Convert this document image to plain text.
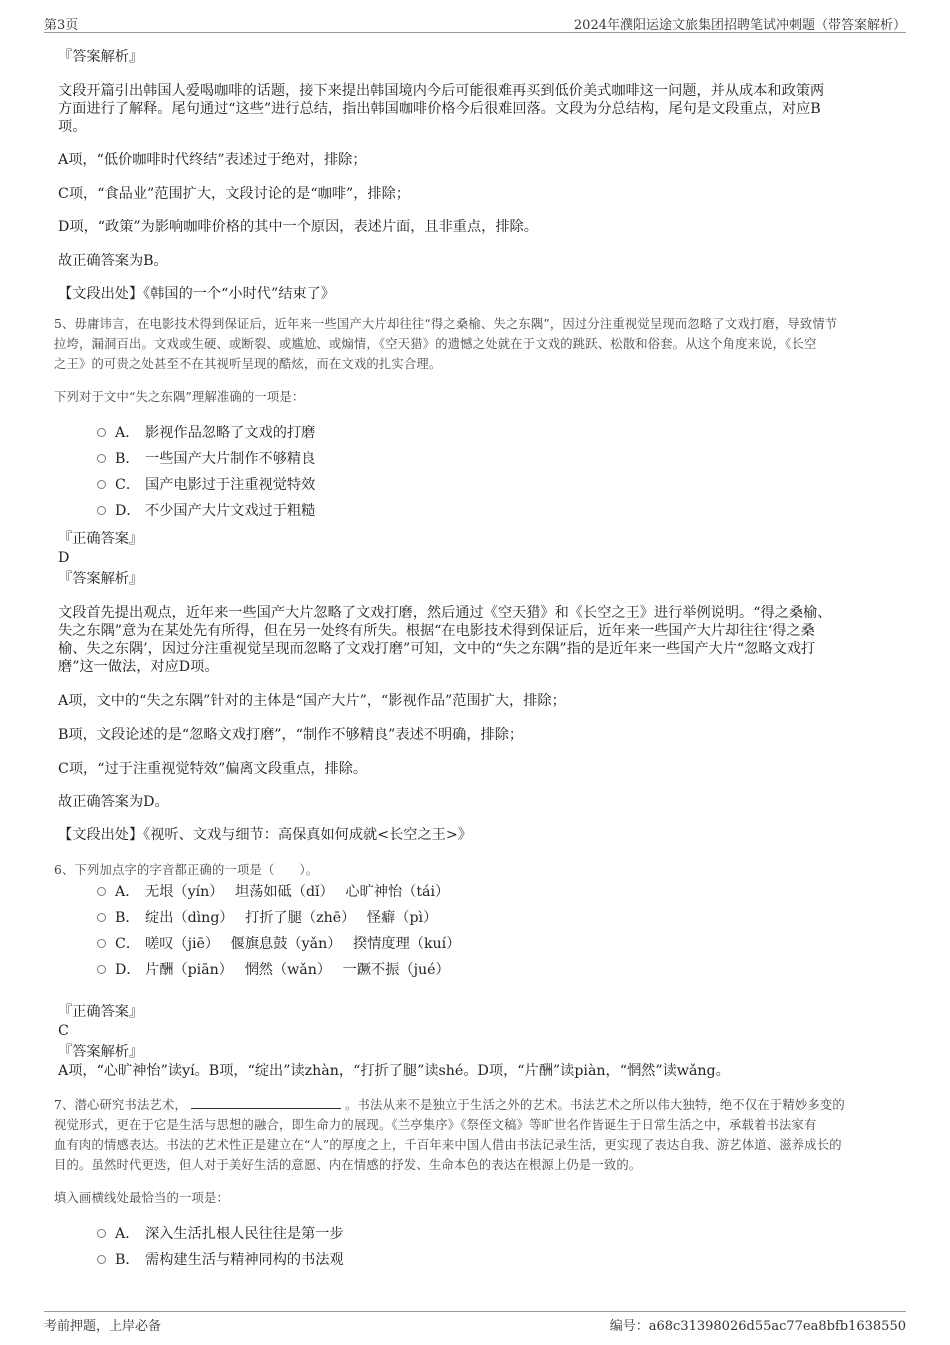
第3页	2024年濮阳运途文旅集团招聘笔试冲刺题（带答案解析）
『答案解析』
文段开篇引出韩国人爱喝咖啡的话题，接下来提出韩国境内今后可能很难再买到低价美式咖啡这一问题，并从成本和政策两
方面进行了解释。尾句通过“这些”进行总结，指出韩国咖啡价格今后很难回落。文段为分总结构，尾句是文段重点，对应B
项。
A项，“低价咖啡时代终结”表述过于绝对，排除；
C项，“食品业”范围扩大，文段讨论的是“咖啡”，排除；
D项，“政策”为影响咖啡价格的其中一个原因，表述片面，且非重点，排除。
故正确答案为B。
【文段出处】《韩国的一个“小时代”结束了》
5、毋庸讳言，在电影技术得到保证后，近年来一些国产大片却往往“得之桑榆、失之东隅”，因过分注重视觉呈现而忽略了文戏打磨，导致情节
拉垮，漏洞百出。文戏或生硬、或断裂、或尴尬、或煽情，《空天猎》的遗憾之处就在于文戏的跳跃、松散和俗套。从这个角度来说，《长空
之王》的可贵之处甚至不在其视听呈现的酷炫，而在文戏的扎实合理。
下列对于文中“失之东隅”理解准确的一项是：
A． 影视作品忽略了文戏的打磨
B． 一些国产大片制作不够精良
C． 国产电影过于注重视觉特效
D． 不少国产大片文戏过于粗糙
『正确答案』
D
『答案解析』
文段首先提出观点，近年来一些国产大片忽略了文戏打磨，然后通过《空天猎》和《长空之王》进行举例说明。“得之桑榆、
失之东隅”意为在某处先有所得，但在另一处终有所失。根据“在电影技术得到保证后，近年来一些国产大片却往往‘得之桑
榆、失之东隅’，因过分注重视觉呈现而忽略了文戏打磨”可知，文中的“失之东隅”指的是近年来一些国产大片“忽略文戏打
磨”这一做法，对应D项。
A项，文中的“失之东隅”针对的主体是“国产大片”，“影视作品”范围扩大，排除；
B项，文段论述的是“忽略文戏打磨”，“制作不够精良”表述不明确，排除；
C项，“过于注重视觉特效”偏离文段重点，排除。
故正确答案为D。
【文段出处】《视听、文戏与细节：高保真如何成就<长空之王>》
6、下列加点字的字音都正确的一项是（　　）。
A． 无垠（yín）　 坦荡如砥（dǐ）　 心旷神怡（tái）
B． 绽出（dìng）　 打折了腿（zhē）　 怪癖（pì）
C． 嗟叹（jiē）　 偃旗息鼓（yǎn）　 揆情度理（kuí）
D． 片酬（piān）　 惘然（wǎn）　 一蹶不振（jué）
『正确答案』
C
『答案解析』
A项，“心旷神怡”读yí。B项，“绽出”读zhàn，“打折了腿”读shé。D项，“片酬”读piàn，“惘然”读wǎng。
7、潜心研究书法艺术，	。书法从来不是独立于生活之外的艺术。书法艺术之所以伟大独特，绝不仅在于精妙多变的
视觉形式，更在于它是生活与思想的融合，即生命力的展现。《兰亭集序》《祭侄文稿》等旷世名作皆诞生于日常生活之中，承载着书法家有
血有肉的情感表达。书法的艺术性正是建立在“人”的厚度之上，千百年来中国人借由书法记录生活，更实现了表达自我、游艺体道、滋养成长的
目的。虽然时代更迭，但人对于美好生活的意愿、内在情感的抒发、生命本色的表达在根源上仍是一致的。
填入画横线处最恰当的一项是：
A． 深入生活扎根人民往往是第一步
B． 需构建生活与精神同构的书法观
考前押题，上岸必备	编号：a68c31398026d55ac77ea8bfb1638550
